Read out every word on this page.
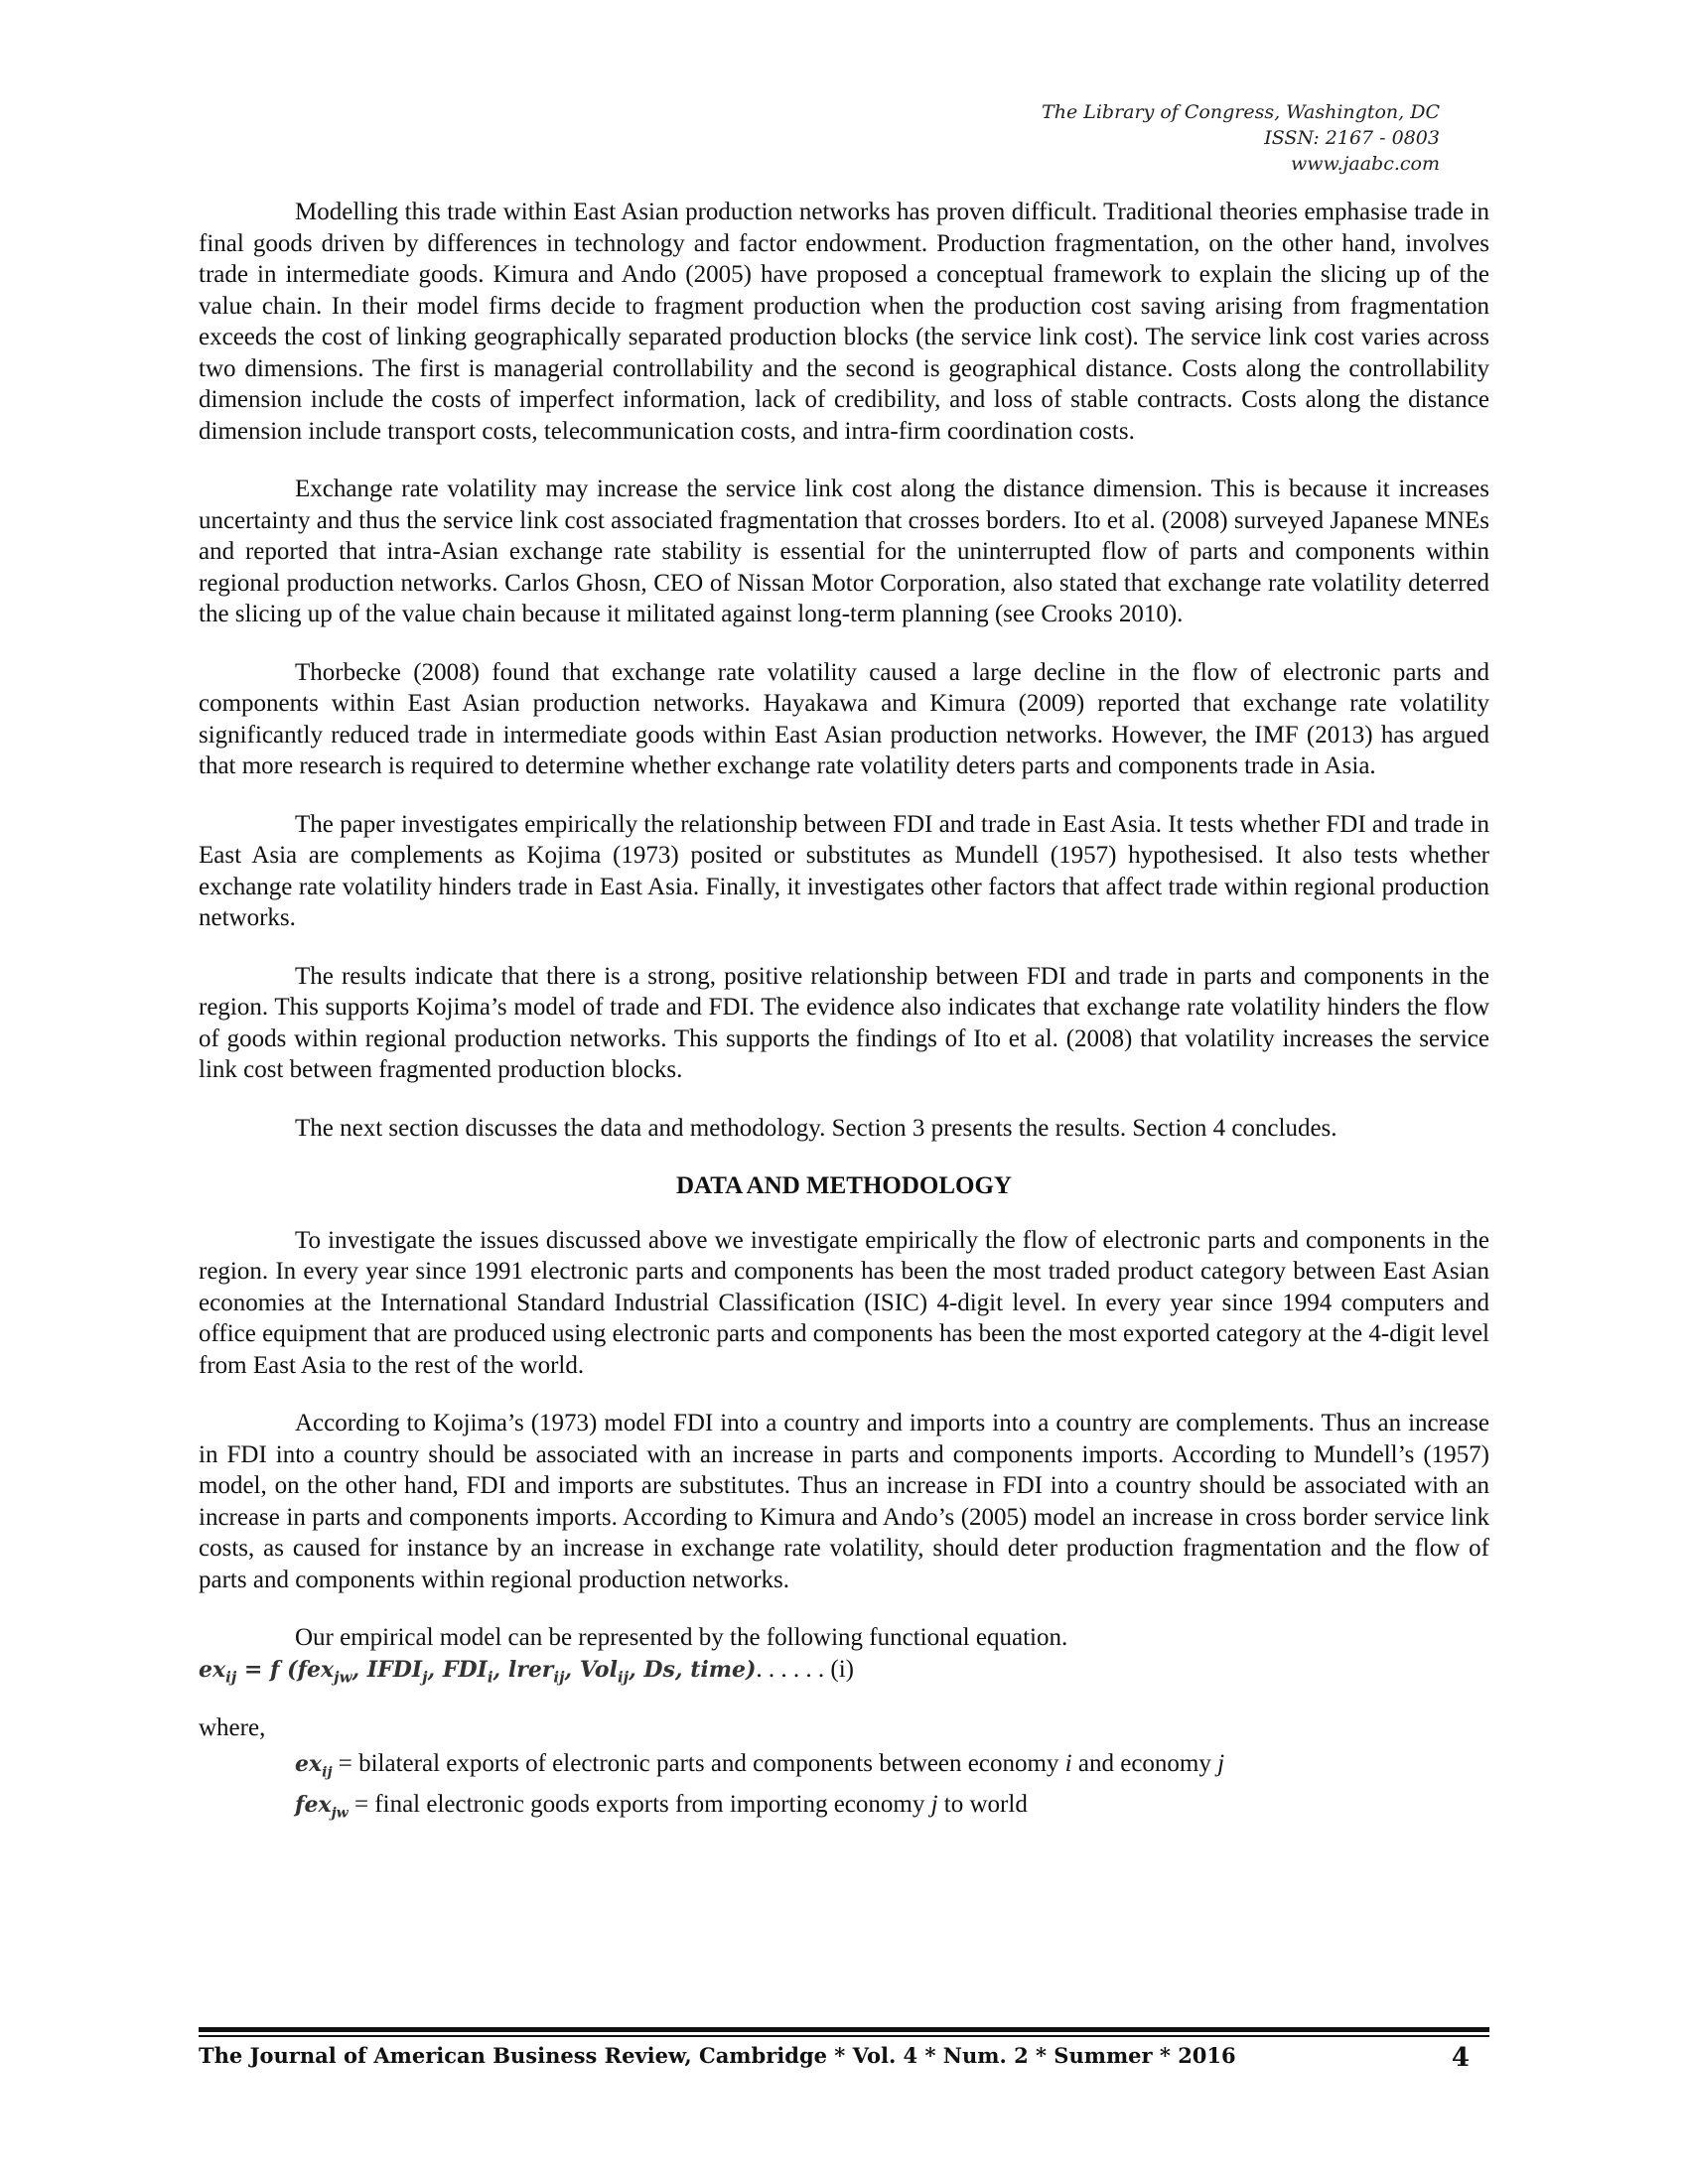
The Library of Congress, Washington, DC
ISSN: 2167 - 0803
www.jaabc.com

Modelling this trade within East Asian production networks has proven difficult. Traditional theories emphasise trade in final goods driven by differences in technology and factor endowment. Production fragmentation, on the other hand, involves trade in intermediate goods. Kimura and Ando (2005) have proposed a conceptual framework to explain the slicing up of the value chain. In their model firms decide to fragment production when the production cost saving arising from fragmentation exceeds the cost of linking geographically separated production blocks (the service link cost). The service link cost varies across two dimensions. The first is managerial controllability and the second is geographical distance. Costs along the controllability dimension include the costs of imperfect information, lack of credibility, and loss of stable contracts. Costs along the distance dimension include transport costs, telecommunication costs, and intra-firm coordination costs.

Exchange rate volatility may increase the service link cost along the distance dimension. This is because it increases uncertainty and thus the service link cost associated fragmentation that crosses borders. Ito et al. (2008) surveyed Japanese MNEs and reported that intra-Asian exchange rate stability is essential for the uninterrupted flow of parts and components within regional production networks. Carlos Ghosn, CEO of Nissan Motor Corporation, also stated that exchange rate volatility deterred the slicing up of the value chain because it militated against long-term planning (see Crooks 2010).

Thorbecke (2008) found that exchange rate volatility caused a large decline in the flow of electronic parts and components within East Asian production networks. Hayakawa and Kimura (2009) reported that exchange rate volatility significantly reduced trade in intermediate goods within East Asian production networks. However, the IMF (2013) has argued that more research is required to determine whether exchange rate volatility deters parts and components trade in Asia.

The paper investigates empirically the relationship between FDI and trade in East Asia. It tests whether FDI and trade in East Asia are complements as Kojima (1973) posited or substitutes as Mundell (1957) hypothesised. It also tests whether exchange rate volatility hinders trade in East Asia. Finally, it investigates other factors that affect trade within regional production networks.

The results indicate that there is a strong, positive relationship between FDI and trade in parts and components in the region. This supports Kojima’s model of trade and FDI. The evidence also indicates that exchange rate volatility hinders the flow of goods within regional production networks. This supports the findings of Ito et al. (2008) that volatility increases the service link cost between fragmented production blocks.

The next section discusses the data and methodology. Section 3 presents the results. Section 4 concludes.

DATA AND METHODOLOGY

To investigate the issues discussed above we investigate empirically the flow of electronic parts and components in the region. In every year since 1991 electronic parts and components has been the most traded product category between East Asian economies at the International Standard Industrial Classification (ISIC) 4-digit level. In every year since 1994 computers and office equipment that are produced using electronic parts and components has been the most exported category at the 4-digit level from East Asia to the rest of the world.

According to Kojima’s (1973) model FDI into a country and imports into a country are complements. Thus an increase in FDI into a country should be associated with an increase in parts and components imports. According to Mundell’s (1957) model, on the other hand, FDI and imports are substitutes. Thus an increase in FDI into a country should be associated with an increase in parts and components imports. According to Kimura and Ando’s (2005) model an increase in cross border service link costs, as caused for instance by an increase in exchange rate volatility, should deter production fragmentation and the flow of parts and components within regional production networks.

Our empirical model can be represented by the following functional equation.

$ex_{ij} = f$ (fex$_{jw}$, $IFDI_j$, $FDI_i$, lrer$_{ij}$, Vol$_{ij}$, Ds, time). . . . . . (i)
where,
$ex_{ij}$ = bilateral exports of electronic parts and components between economy i and economy j
fex$_{jw}$ = final electronic goods exports from importing economy j to world
The Journal of American Business Review, Cambridge * Vol. 4 * Num. 2 * Summer * 2016	4
